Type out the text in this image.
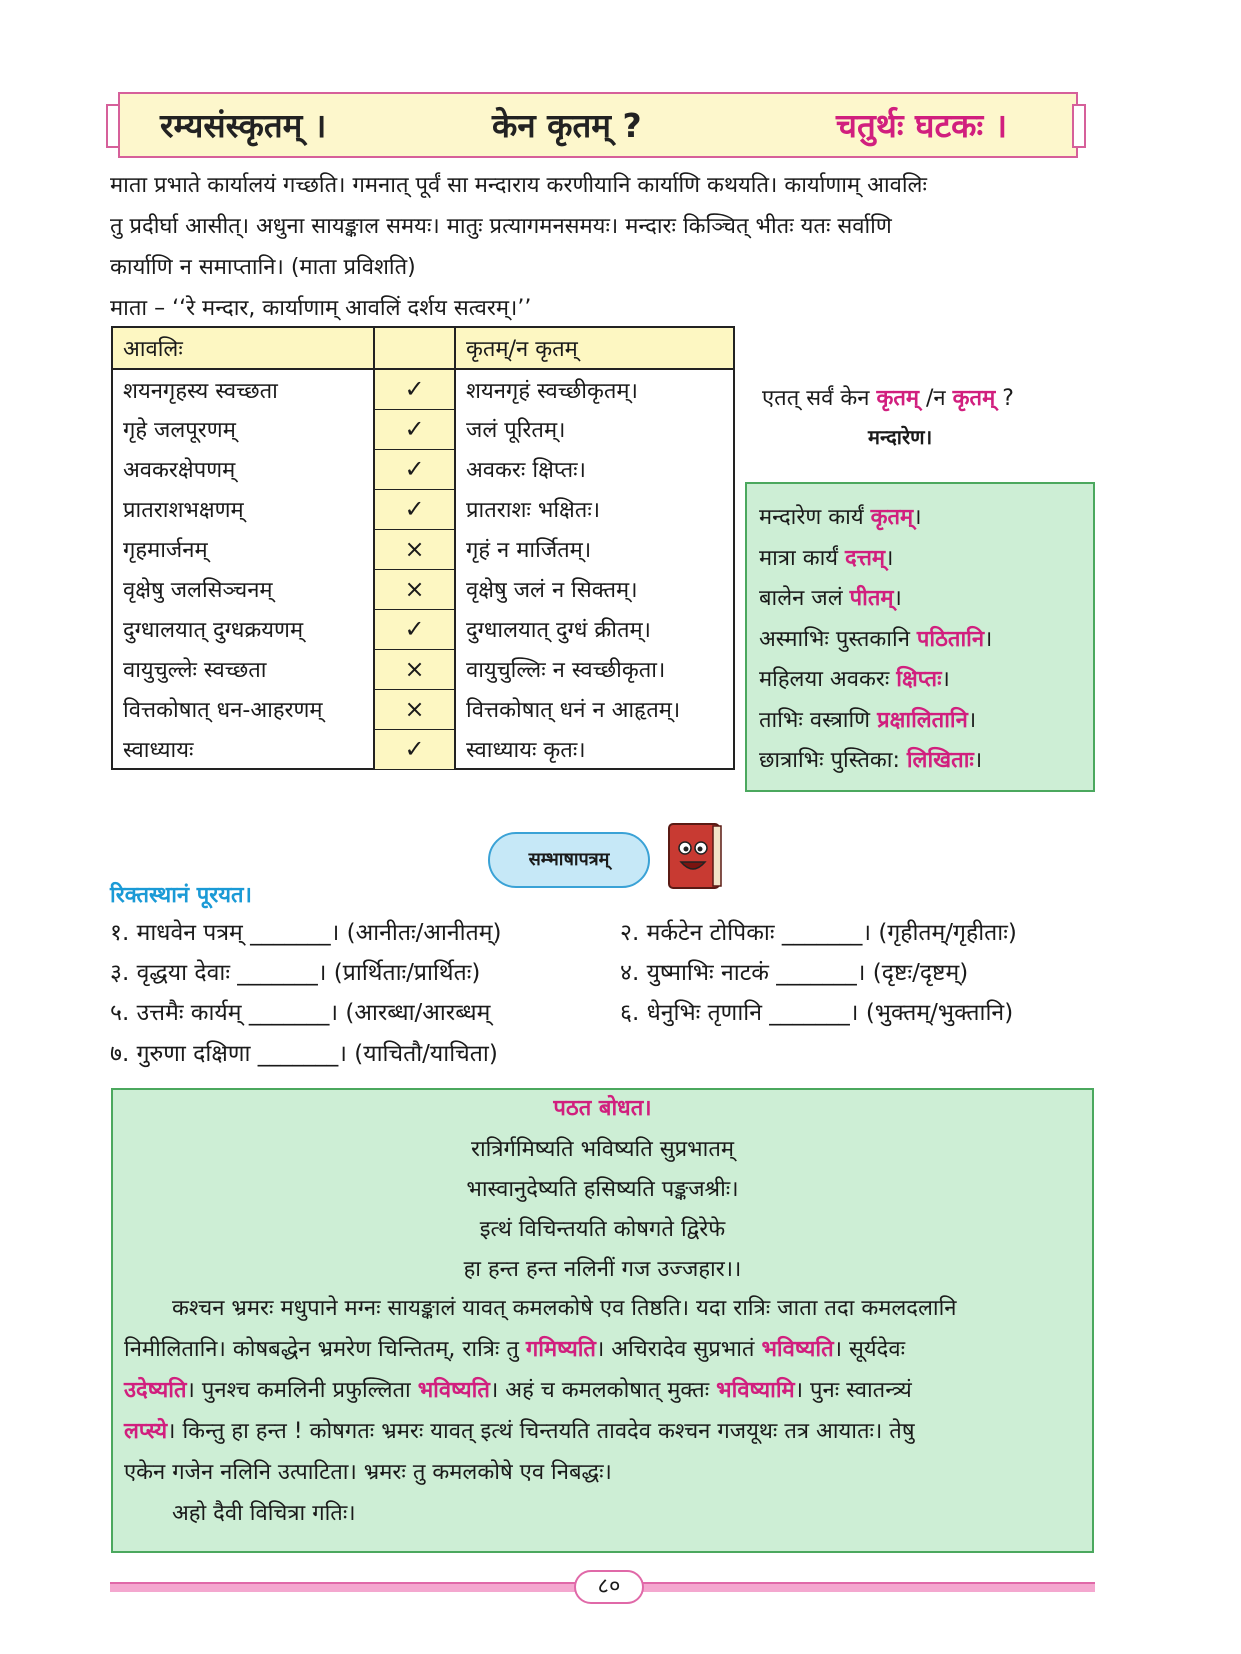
रम्यसंस्कृतम् ।	केन कृतम् ?	चतुर्थः घटकः ।
माता प्रभाते कार्यालयं गच्छति। गमनात् पूर्वं सा मन्दाराय करणीयानि कार्याणि कथयति। कार्याणाम् आवलिः
तु प्रदीर्घा आसीत्। अधुना सायङ्काल समयः। मातुः प्रत्यागमनसमयः। मन्दारः किञ्चित् भीतः यतः सर्वाणि
कार्याणि न समाप्तानि। (माता प्रविशति)
माता – ‘‘रे मन्दार, कार्याणाम् आवलिं दर्शय सत्वरम्।’’
आवलिः		कृतम्/न कृतम्
शयनगृहस्य स्वच्छता	✓	शयनगृहं स्वच्छीकृतम्।
गृहे जलपूरणम्	✓	जलं पूरितम्।
अवकरक्षेपणम्	✓	अवकरः क्षिप्तः।
प्रातराशभक्षणम्	✓	प्रातराशः भक्षितः।
गृहमार्जनम्	×	गृहं न मार्जितम्।
वृक्षेषु जलसिञ्चनम्	×	वृक्षेषु जलं न सिक्तम्।
दुग्धालयात् दुग्धक्रयणम्	✓	दुग्धालयात् दुग्धं क्रीतम्।
वायुचुल्लेः स्वच्छता	×	वायुचुल्लिः न स्वच्छीकृता।
वित्तकोषात् धन-आहरणम्	×	वित्तकोषात् धनं न आहृतम्।
स्वाध्यायः	✓	स्वाध्यायः कृतः।
एतत् सर्वं केन कृतम् /न कृतम् ?
मन्दारेण।
मन्दारेण कार्यं कृतम्।
मात्रा कार्यं दत्तम्।
बालेन जलं पीतम्।
अस्माभिः पुस्तकानि पठितानि।
महिलया अवकरः क्षिप्तः।
ताभिः वस्त्राणि प्रक्षालितानि।
छात्राभिः पुस्तिका: लिखिताः।
सम्भाषापत्रम्
रिक्तस्थानं पूरयत।
१. माधवेन पत्रम् _______। (आनीतः/आनीतम्)	२. मर्कटेन टोपिकाः _______। (गृहीतम्/गृहीताः)
३. वृद्धया देवाः _______। (प्रार्थिताः/प्रार्थितः)	४. युष्माभिः नाटकं _______। (दृष्टः/दृष्टम्)
५. उत्तमैः कार्यम् _______। (आरब्धा/आरब्धम्	६. धेनुभिः तृणानि _______। (भुक्तम्/भुक्तानि)
७. गुरुणा दक्षिणा _______। (याचितौ/याचिता)
पठत बोधत।
रात्रिर्गमिष्यति भविष्यति सुप्रभातम्
भास्वानुदेष्यति हसिष्यति पङ्कजश्रीः।
इत्थं विचिन्तयति कोषगते द्विरेफे
हा हन्त हन्त नलिनीं गज उज्जहार।।
कश्चन भ्रमरः मधुपाने मग्नः सायङ्कालं यावत् कमलकोषे एव तिष्ठति। यदा रात्रिः जाता तदा कमलदलानि
निमीलितानि। कोषबद्धेन भ्रमरेण चिन्तितम्, रात्रिः तु गमिष्यति। अचिरादेव सुप्रभातं भविष्यति। सूर्यदेवः
उदेष्यति। पुनश्च कमलिनी प्रफुल्लिता भविष्यति। अहं च कमलकोषात् मुक्तः भविष्यामि। पुनः स्वातन्त्र्यं
लप्स्ये। किन्तु हा हन्त ! कोषगतः भ्रमरः यावत् इत्थं चिन्तयति तावदेव कश्चन गजयूथः तत्र आयातः। तेषु
एकेन गजेन नलिनि उत्पाटिता। भ्रमरः तु कमलकोषे एव निबद्धः।
अहो दैवी विचित्रा गतिः।
८०
